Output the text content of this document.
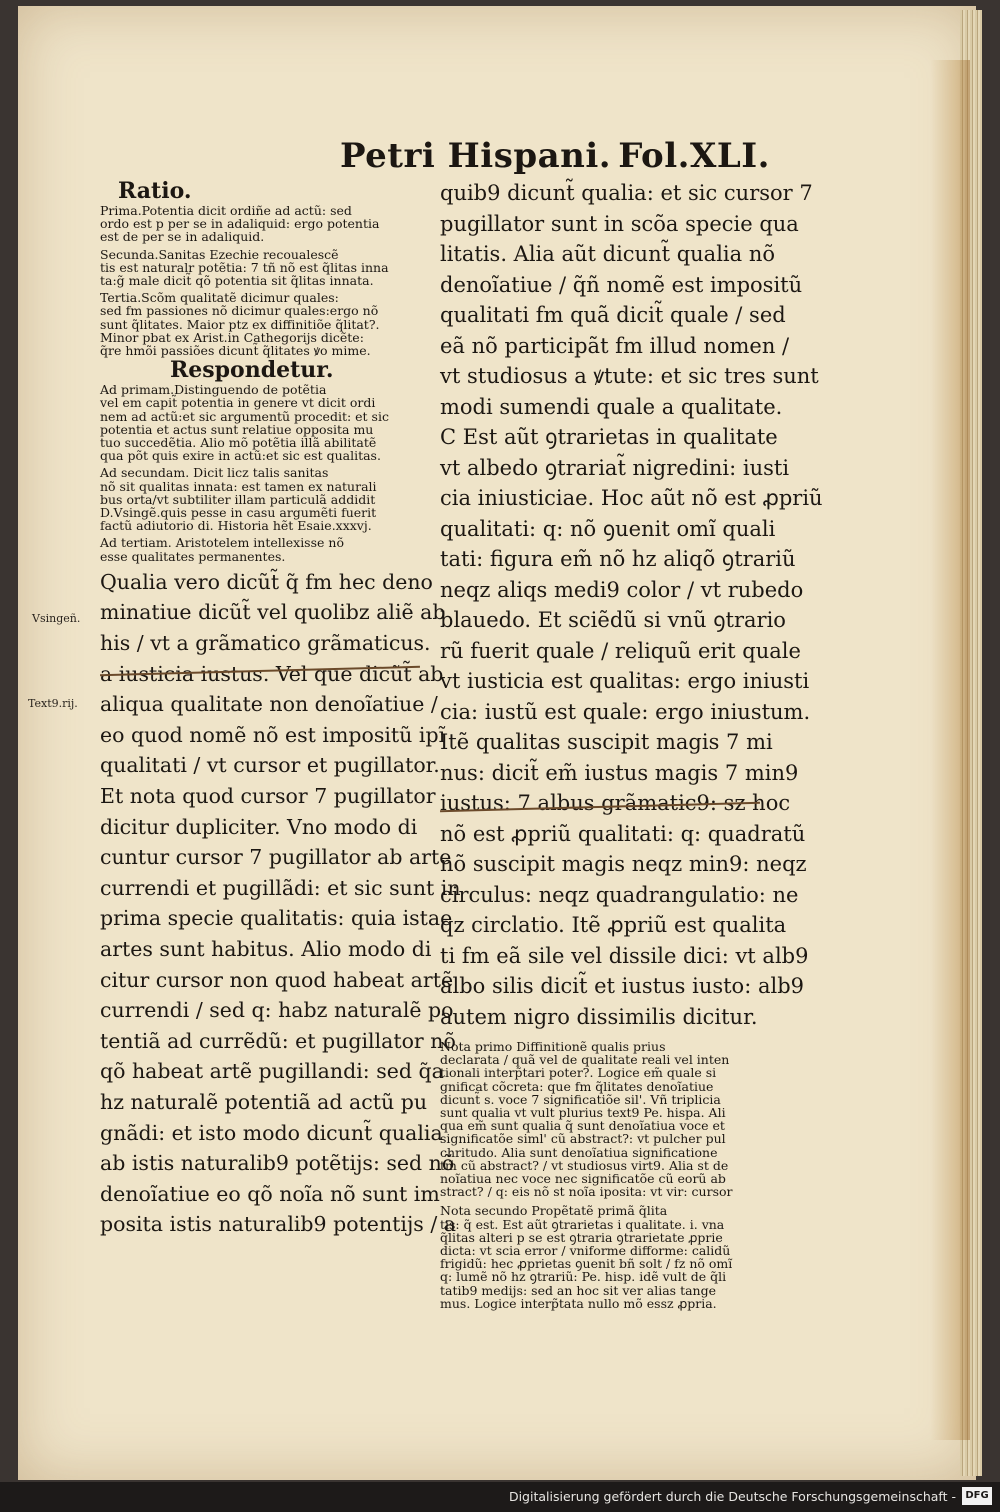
Petri Hispani. Fol.XLI.
Ratio.
Prima.Potentia dicit ordiñe ad actũ: sed
ordo est p per se in adaliquid: ergo potentia
est de per se in adaliquid.
Secunda.Sanitas Ezechie recoualescẽ
tis est naturalr potẽtia: 7 tñ nõ est q̃litas inna
ta:g̃ male dicit̃ qõ potentia sit q̃litas innata.
Tertia.Scõm qualitatẽ dicimur quales:
sed fm passiones nõ dicimur quales:ergo nõ
sunt q̃litates. Maior ptz ex diffinitiõe q̃litat?.
Minor pbat ex Arist.in Cathegorijs dicẽte:
q̃re hmõi passiões dicunt̃ q̃litates ꝟo mime.
Respondetur.
Ad primam.Distinguendo de potẽtia
vel em capit̃ potentia in genere vt dicit ordi
nem ad actũ:et sic argumentũ procedit: et sic
potentia et actus sunt relatiue opposita mu
tuo succedẽtia. Alio mõ potẽtia illã abilitatẽ
qua põt quis exire in actũ:et sic est qualitas.
Ad secundam. Dicit licz talis sanitas
nõ sit qualitas innata: est tamen ex naturali
bus orta/vt subtiliter illam particulã addidit
D.Vsingẽ.quis pesse in casu argumẽti fuerit
factũ adiutorio di. Historia hẽt Esaie.xxxvj.
Ad tertiam. Aristotelem intellexisse nõ
esse qualitates permanentes.
Qualia vero dicũt̃ q̃ fm hec deno
minatiue dicũt̃ vel quolibz aliẽ ab
his / vt a grãmatico grãmaticus.
a iusticia iustus. Vel que dicũt̃ ab
aliqua qualitate non denoĩatiue /
eo quod nomẽ nõ est impositũ ipĩ
qualitati / vt cursor et pugillator.
Et nota quod cursor 7 pugillator
dicitur dupliciter. Vno modo di
cuntur cursor 7 pugillator ab arte
currendi et pugillãdi: et sic sunt in
prima specie qualitatis: quia istae
artes sunt habitus. Alio modo di
citur cursor non quod habeat artẽ
currendi / sed q: habz naturalẽ po
tentiã ad currẽdũ: et pugillator nõ
qõ habeat artẽ pugillandi: sed q̃a
hz naturalẽ potentiã ad actũ pu
gnãdi: et isto modo dicunt̃ qualia
ab istis naturalib9 potẽtijs: sed nõ
denoĩatiue eo qõ noĩa nõ sunt im
posita istis naturalib9 potentijs / a
quib9 dicunt̃ qualia: et sic cursor 7
pugillator sunt in scõa specie qua
litatis. Alia aũt dicunt̃ qualia nõ
denoĩatiue / q̃ñ nomẽ est impositũ
qualitati fm quã dicit̃ quale / sed
eã nõ participãt fm illud nomen /
vt studiosus a ꝟtute: et sic tres sunt
modi sumendi quale a qualitate.
C Est aũt ꝯtrarietas in qualitate
vt albedo ꝯtrariat̃ nigredini: iusti
cia iniusticiae. Hoc aũt nõ est ꝓpriũ
qualitati: q: nõ ꝯuenit omĩ quali
tati: figura em̃ nõ hz aliqõ ꝯtrariũ
neqz aliqs medi9 color / vt rubedo
blauedo. Et sciẽdũ si vnũ ꝯtrario
rũ fuerit quale / reliquũ erit quale
vt iusticia est qualitas: ergo iniusti
cia: iustũ est quale: ergo iniustum.
Itẽ qualitas suscipit magis 7 mi
nus: dicit̃ em̃ iustus magis 7 min9
iustus: 7 albus grãmatic9: sz hoc
nõ est ꝓpriũ qualitati: q: quadratũ
nõ suscipit magis neqz min9: neqz
circulus: neqz quadrangulatio: ne
qz circlatio. Itẽ ꝓpriũ est qualita
ti fm eã sile vel dissile dici: vt alb9
albo silis dicit̃ et iustus iusto: alb9
autem nigro dissimilis dicitur.
Nota primo Diffinitionẽ qualis prius
declarata / quã vel de qualitate reali vel inten
tionali interp̃tari poter?. Logice em̃ quale si
gnificat cõcreta: que fm q̃litates denoĩatiue
dicunt̃ s. voce 7 significatiõe sil'. Vñ triplicia
sunt qualia vt vult plurius text9 Pe. hispa. Ali
qua em̃ sunt qualia q̃ sunt denoĩatiua voce et
significatõe siml' cũ abstract?: vt pulcher pul
chritudo. Alia sunt denoĩatiua significatione
tm̃ cũ abstract? / vt studiosus virt9. Alia st de
noĩatiua nec voce nec significatõe cũ eorũ ab
stract? / q: eis nõ st noĩa iposita: vt vir: cursor
Nota secundo Propẽtatẽ primã q̃lita
tis: q̃ est. Est aũt ꝯtrarietas i qualitate. i. vna
q̃litas alteri p se est ꝯtraria ꝯtrarietate ꝓprie
dicta: vt scia error / vniforme difforme: calidũ
frigidũ: hec ꝓprietas ꝯuenit bñ solt / fz nõ omĩ
q: lumẽ nõ hz ꝯtrariũ: Pe. hisp. idẽ vult de q̃li
tatib9 medijs: sed an hoc sit ver alias tange
mus. Logice interp̃tata nullo mõ essz ꝓpria.
Vsingeñ.
Text9.rij.
Digitalisierung gefördert durch die Deutsche Forschungsgemeinschaft - DFG
